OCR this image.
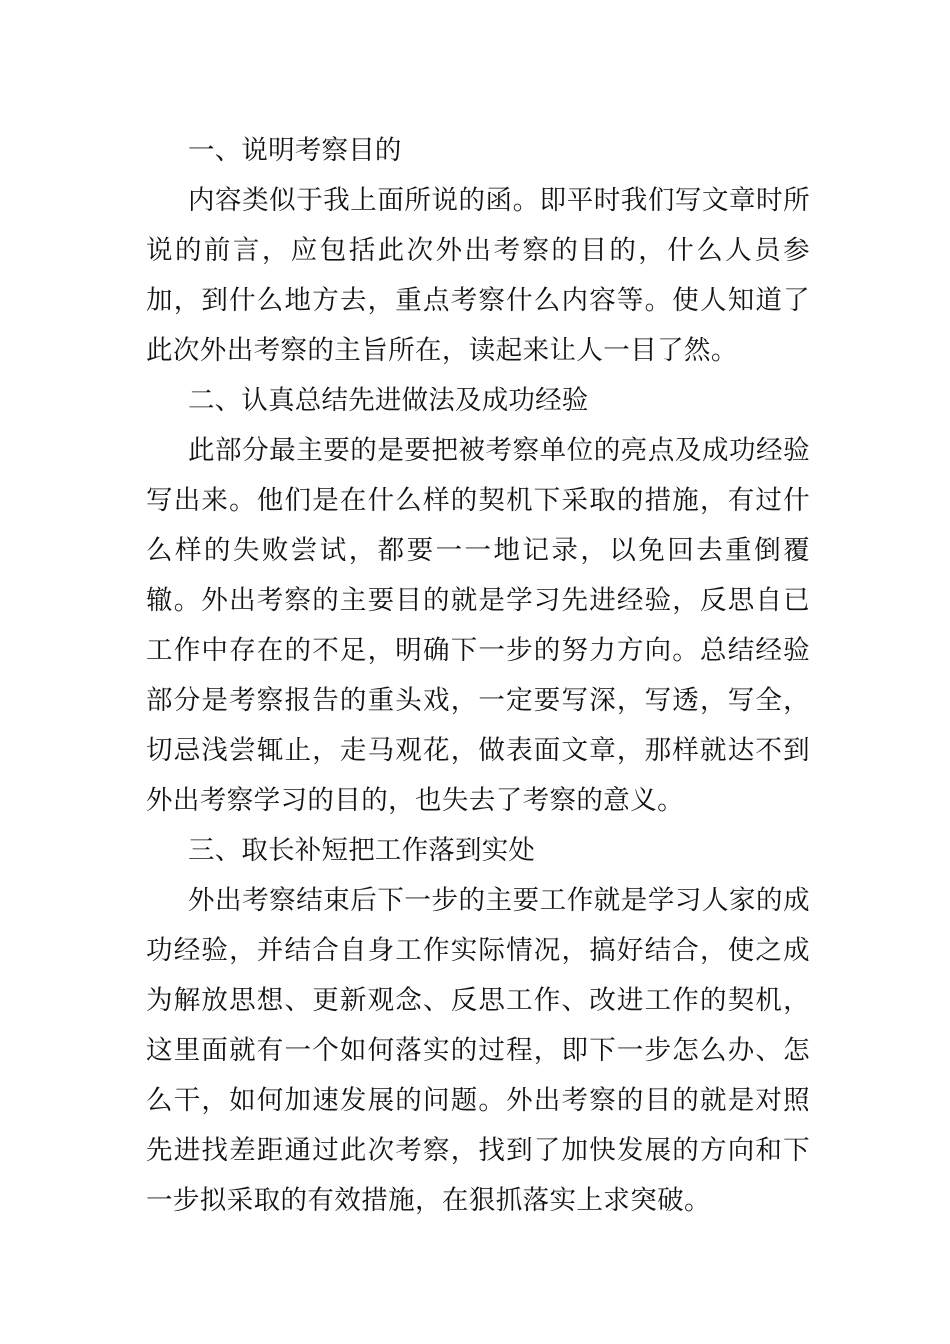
一、说明考察目的

内容类似于我上面所说的函。即平时我们写文章时所说的前言，应包括此次外出考察的目的，什么人员参加，到什么地方去，重点考察什么内容等。使人知道了此次外出考察的主旨所在，读起来让人一目了然。

二、认真总结先进做法及成功经验

此部分最主要的是要把被考察单位的亮点及成功经验写出来。他们是在什么样的契机下采取的措施，有过什么样的失败尝试，都要一一地记录，以免回去重倒覆辙。外出考察的主要目的就是学习先进经验，反思自已工作中存在的不足，明确下一步的努力方向。总结经验部分是考察报告的重头戏，一定要写深，写透，写全，切忌浅尝辄止，走马观花，做表面文章，那样就达不到外出考察学习的目的，也失去了考察的意义。

三、取长补短把工作落到实处

外出考察结束后下一步的主要工作就是学习人家的成功经验，并结合自身工作实际情况，搞好结合，使之成为解放思想、更新观念、反思工作、改进工作的契机，这里面就有一个如何落实的过程，即下一步怎么办、怎么干，如何加速发展的问题。外出考察的目的就是对照先进找差距通过此次考察，找到了加快发展的方向和下一步拟采取的有效措施，在狠抓落实上求突破。
